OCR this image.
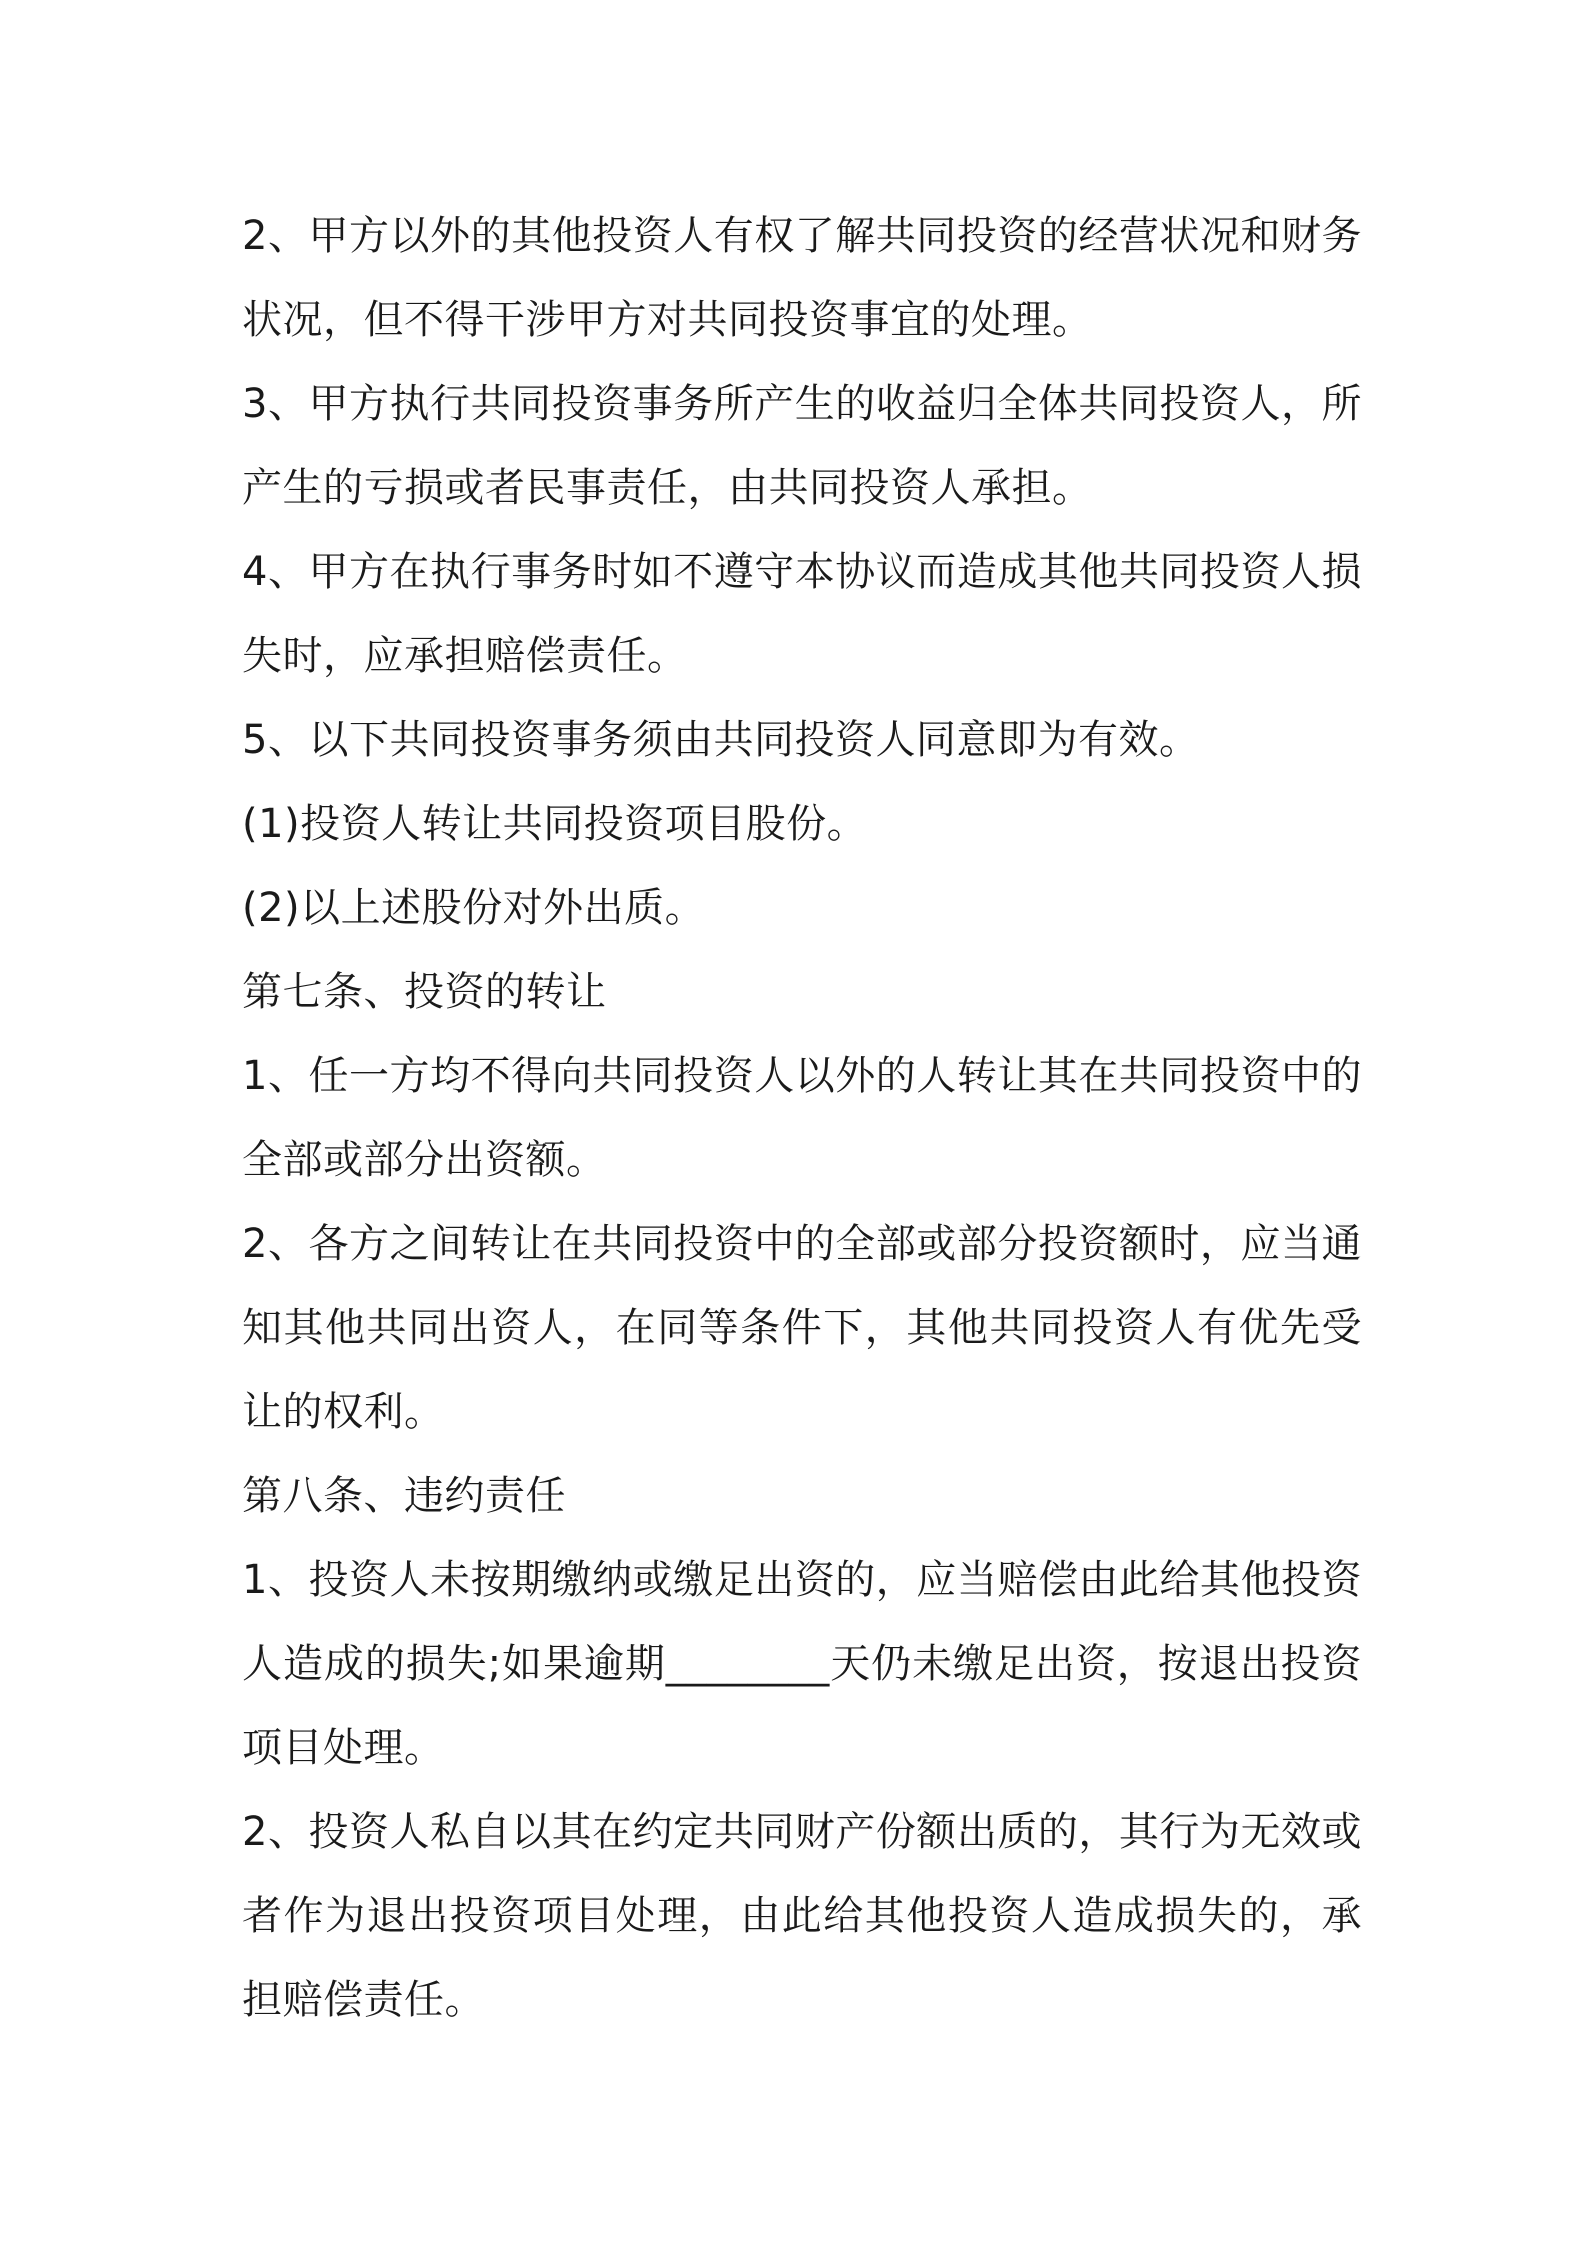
2、甲方以外的其他投资人有权了解共同投资的经营状况和财务状况，但不得干涉甲方对共同投资事宜的处理。

3、甲方执行共同投资事务所产生的收益归全体共同投资人，所产生的亏损或者民事责任，由共同投资人承担。

4、甲方在执行事务时如不遵守本协议而造成其他共同投资人损失时，应承担赔偿责任。

5、以下共同投资事务须由共同投资人同意即为有效。

(1)投资人转让共同投资项目股份。

(2)以上述股份对外出质。

第七条、投资的转让

1、任一方均不得向共同投资人以外的人转让其在共同投资中的全部或部分出资额。

2、各方之间转让在共同投资中的全部或部分投资额时，应当通知其他共同出资人，在同等条件下，其他共同投资人有优先受让的权利。

第八条、违约责任

1、投资人未按期缴纳或缴足出资的，应当赔偿由此给其他投资人造成的损失;如果逾期________天仍未缴足出资，按退出投资项目处理。

2、投资人私自以其在约定共同财产份额出质的，其行为无效或者作为退出投资项目处理，由此给其他投资人造成损失的，承担赔偿责任。
